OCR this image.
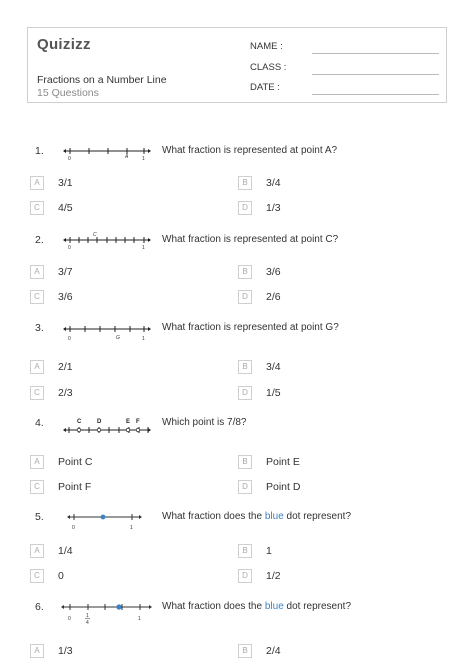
Quizizz
Fractions on a Number Line
15 Questions
NAME :
CLASS :
DATE :
1.
0	A	1
What fraction is represented at point A?
A	3/1	B	3/4
C	4/5	D	1/3
2.
0
C
1
What fraction is represented at point C?
A	3/7	B	3/6
C	3/6	D	2/6
3.
0	G	1
What fraction is represented at point G?
A	2/1	B	3/4
C	2/3	D	1/5
4.	C	D	E F Which point is 7/8?
A	Point C	B	Point E
C	Point F	D	Point D
5.
0	1
What fraction does the blue dot represent?
A	1/4	B	1
C	0	D	1/2
6.
0	1
4
1
What fraction does the blue dot represent?
A	1/3	B	2/4
